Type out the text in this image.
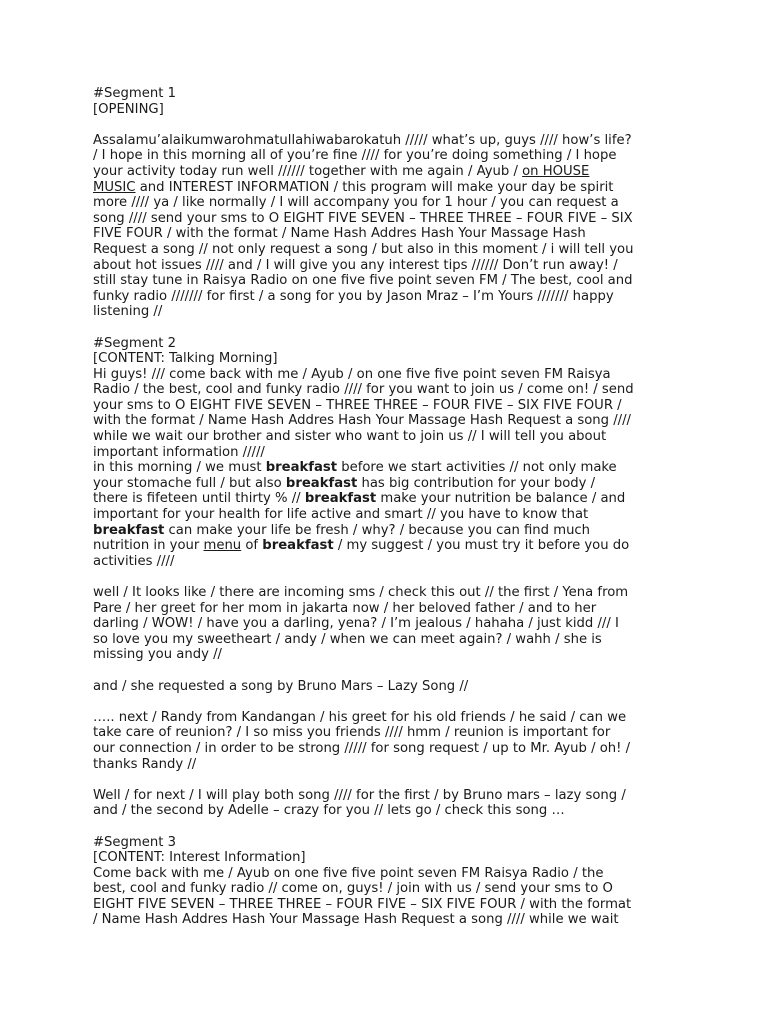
#Segment 1
[OPENING]
Assalamu’alaikumwarohmatullahiwabarokatuh ///// what’s up, guys //// how’s life?
/ I hope in this morning all of you’re fine //// for you’re doing something / I hope
your activity today run well ////// together with me again / Ayub / on HOUSE
MUSIC and INTEREST INFORMATION / this program will make your day be spirit
more //// ya / like normally / I will accompany you for 1 hour / you can request a
song //// send your sms to O EIGHT FIVE SEVEN – THREE THREE – FOUR FIVE – SIX
FIVE FOUR / with the format / Name Hash Addres Hash Your Massage Hash
Request a song // not only request a song / but also in this moment / i will tell you
about hot issues //// and / I will give you any interest tips ////// Don’t run away! /
still stay tune in Raisya Radio on one five five point seven FM / The best, cool and
funky radio /////// for first / a song for you by Jason Mraz – I’m Yours /////// happy
listening //
#Segment 2
[CONTENT: Talking Morning]
Hi guys! /// come back with me / Ayub / on one five five point seven FM Raisya
Radio / the best, cool and funky radio //// for you want to join us / come on! / send
your sms to O EIGHT FIVE SEVEN – THREE THREE – FOUR FIVE – SIX FIVE FOUR /
with the format / Name Hash Addres Hash Your Massage Hash Request a song ////
while we wait our brother and sister who want to join us // I will tell you about
important information /////
in this morning / we must breakfast before we start activities // not only make
your stomache full / but also breakfast has big contribution for your body /
there is fifeteen until thirty % // breakfast make your nutrition be balance / and
important for your health for life active and smart // you have to know that
breakfast can make your life be fresh / why? / because you can find much
nutrition in your menu of breakfast / my suggest / you must try it before you do
activities ////
well / It looks like / there are incoming sms / check this out // the first / Yena from
Pare / her greet for her mom in jakarta now / her beloved father / and to her
darling / WOW! / have you a darling, yena? / I’m jealous / hahaha / just kidd /// I
so love you my sweetheart / andy / when we can meet again? / wahh / she is
missing you andy //
and / she requested a song by Bruno Mars – Lazy Song //
….. next / Randy from Kandangan / his greet for his old friends / he said / can we
take care of reunion? / I so miss you friends //// hmm / reunion is important for
our connection / in order to be strong ///// for song request / up to Mr. Ayub / oh! /
thanks Randy //
Well / for next / I will play both song //// for the first / by Bruno mars – lazy song /
and / the second by Adelle – crazy for you // lets go / check this song …
#Segment 3
[CONTENT: Interest Information]
Come back with me / Ayub on one five five point seven FM Raisya Radio / the
best, cool and funky radio // come on, guys! / join with us / send your sms to O
EIGHT FIVE SEVEN – THREE THREE – FOUR FIVE – SIX FIVE FOUR / with the format
/ Name Hash Addres Hash Your Massage Hash Request a song //// while we wait
